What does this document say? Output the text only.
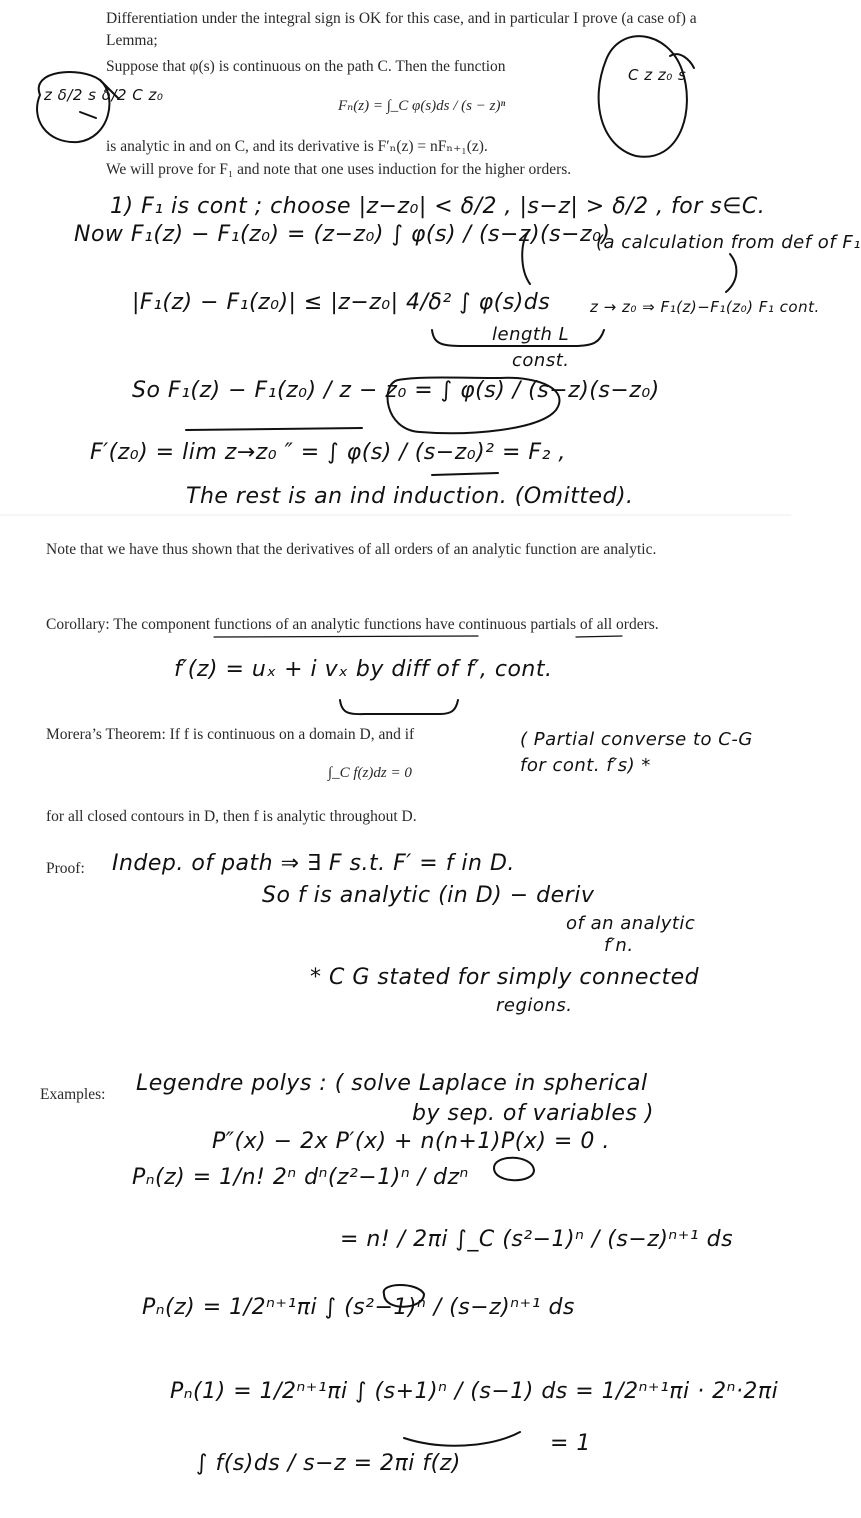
Differentiation under the integral sign is OK for this case, and in particular I prove (a case of) a Lemma;
Suppose that φ(s) is continuous on the path C. Then the function
Fₙ(z) = ∫_C φ(s)ds / (s − z)ⁿ
is analytic in and on C, and its derivative is F′ₙ(z) = nFₙ₊₁(z).
We will prove for F₁ and note that one uses induction for the higher orders.
z δ/2 s δ/2 C z₀
C z z₀ s
1) F₁ is cont ; choose |z−z₀| < δ/2 , |s−z| > δ/2 , for s∈C.
Now F₁(z) − F₁(z₀) = (z−z₀) ∫ φ(s) / (s−z)(s−z₀)
(a calculation from def of F₁
|F₁(z) − F₁(z₀)| ≤ |z−z₀| 4/δ² ∫ φ(s)ds
length L
const.
z → z₀ ⇒ F₁(z)−F₁(z₀) F₁ cont.
So F₁(z) − F₁(z₀) / z − z₀ = ∫ φ(s) / (s−z)(s−z₀)
F′(z₀) = lim z→z₀ ″ = ∫ φ(s) / (s−z₀)² = F₂ ,
The rest is an ind induction. (Omitted).
Note that we have thus shown that the derivatives of all orders of an analytic function are analytic.
Corollary: The component functions of an analytic functions have continuous partials of all orders.
f′(z) = uₓ + i vₓ by diff of f′, cont.
Morera’s Theorem: If f is continuous on a domain D, and if
∫_C f(z)dz = 0
( Partial converse to C-G for cont. f′s) *
for all closed contours in D, then f is analytic throughout D.
Proof: Indep. of path ⇒ ∃ F s.t. F′ = f in D.
So f is analytic (in D) − deriv
of an analytic
f′n.
* C G stated for simply connected
regions.
Examples: Legendre polys : ( solve Laplace in spherical
by sep. of variables )
P″(x) − 2x P′(x) + n(n+1)P(x) = 0 .
Pₙ(z) = 1/n! 2ⁿ dⁿ(z²−1)ⁿ / dzⁿ
= n! / 2πi ∫_C (s²−1)ⁿ / (s−z)ⁿ⁺¹ ds
Pₙ(z) = 1/2ⁿ⁺¹πi ∫ (s²−1)ⁿ / (s−z)ⁿ⁺¹ ds
Pₙ(1) = 1/2ⁿ⁺¹πi ∫ (s+1)ⁿ / (s−1) ds = 1/2ⁿ⁺¹πi · 2ⁿ·2πi
= 1
∫ f(s)ds / s−z = 2πi f(z)
